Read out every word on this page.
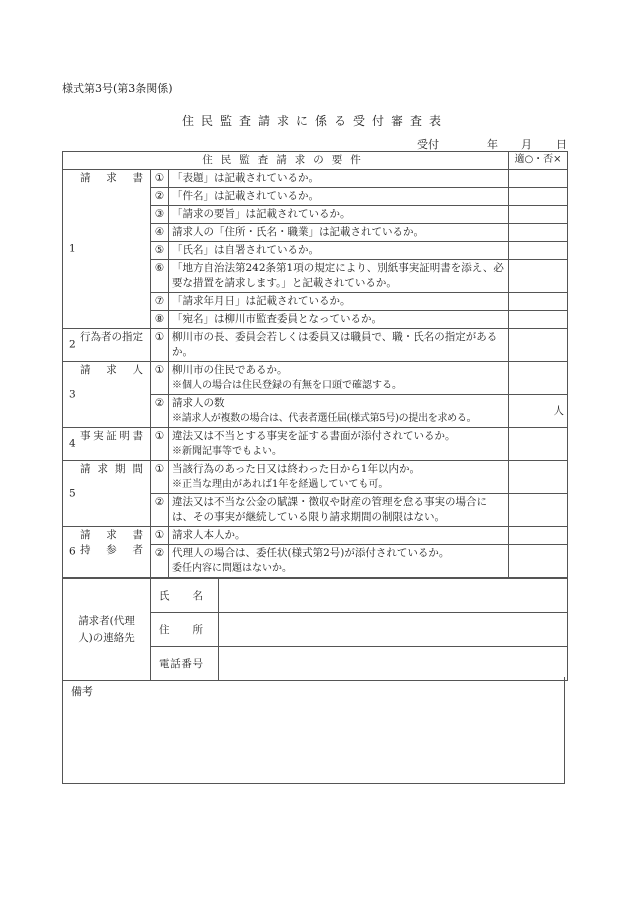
様式第3号(第3条関係)
住民監査請求に係る受付審査表
受付	年 月 日
住民監査請求の要件			適○・否×

1
請　求　書	①	「表題」は記載されているか。	
	②	「件名」は記載されているか。	
	③	「請求の要旨」は記載されているか。	
	④	請求人の「住所・氏名・職業」は記載されているか。	
	⑤	「氏名」は自署されているか。	
	⑥	「地方自治法第242条第1項の規定により、別紙事実証明書を添え、必要な措置を請求します。」と記載されているか。	
	⑦	「請求年月日」は記載されているか。	
	⑧	「宛名」は柳川市監査委員となっているか。	

2
行為者の指定	①	柳川市の長、委員会若しくは委員又は職員で、職・氏名の指定があるか。	

3
請　求　人	①	柳川市の住民であるか。
※個人の場合は住民登録の有無を口頭で確認する。	

	②	請求人の数
※請求人が複数の場合は、代表者選任届(様式第5号)の提出を求める。	人

4
事実証明書	①	違法又は不当とする事実を証する書面が添付されているか。
※新聞記事等でもよい。	

5
請求期間	①	当該行為のあった日又は終わった日から1年以内か。
※正当な理由があれば1年を経過していても可。	

	②	違法又は不当な公金の賦課・徴収や財産の管理を怠る事実の場合には、その事実が継続している限り請求期間の制限はない。	

6
請　求　書
持　参　者	①	請求人本人か。	
	②	代理人の場合は、委任状(様式第2号)が添付されているか。
委任内容に問題はないか。	

請求者(代理人)の連絡先	氏名	
	住所	
	電話番号	
備考
